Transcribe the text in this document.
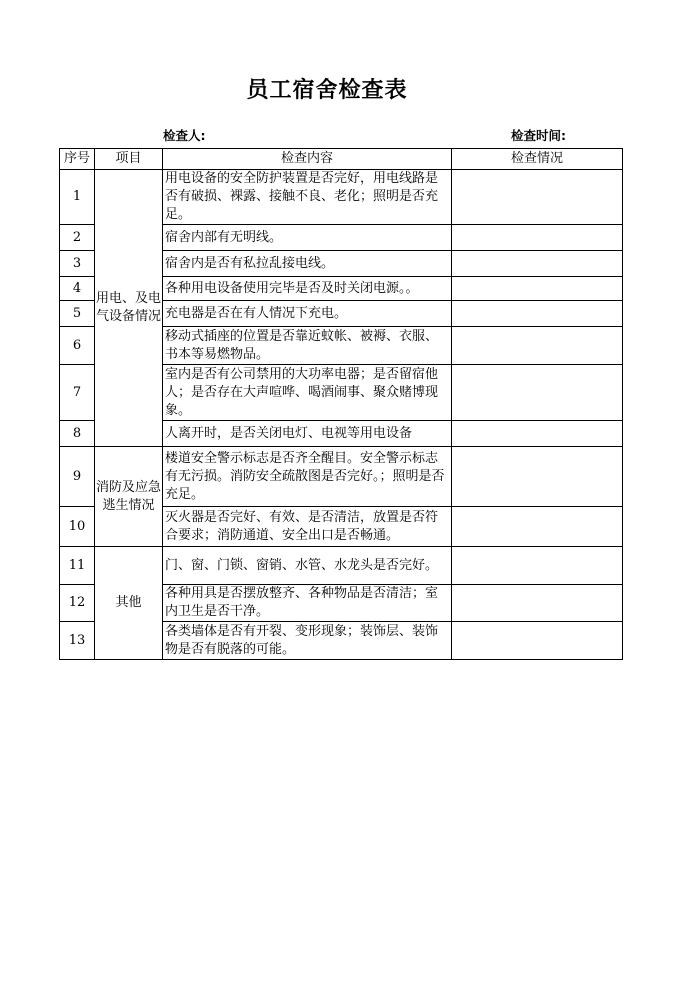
员工宿舍检查表
检查人:	检查时间:
序号	项目	检查内容	检查情况
1	用电、及电气设备情况	用电设备的安全防护装置是否完好，用电线路是否有破损、裸露、接触不良、老化；照明是否充足。	
2		宿舍内部有无明线。	
3		宿舍内是否有私拉乱接电线。	
4		各种用电设备使用完毕是否及时关闭电源。。	
5		充电器是否在有人情况下充电。	
6		移动式插座的位置是否靠近蚊帐、被褥、衣服、书本等易燃物品。	
7		室内是否有公司禁用的大功率电器；是否留宿他人；是否存在大声喧哗、喝酒闹事、聚众赌博现象。	
8		人离开时，是否关闭电灯、电视等用电设备	
9	消防及应急逃生情况	楼道安全警示标志是否齐全醒目。安全警示标志有无污损。消防安全疏散图是否完好。；照明是否充足。	
10		灭火器是否完好、有效、是否清洁，放置是否符合要求；消防通道、安全出口是否畅通。	
11	其他	门、窗、门锁、窗销、水管、水龙头是否完好。	
12		各种用具是否摆放整齐、各种物品是否清洁；室内卫生是否干净。	
13		各类墙体是否有开裂、变形现象；装饰层、装饰物是否有脱落的可能。	
